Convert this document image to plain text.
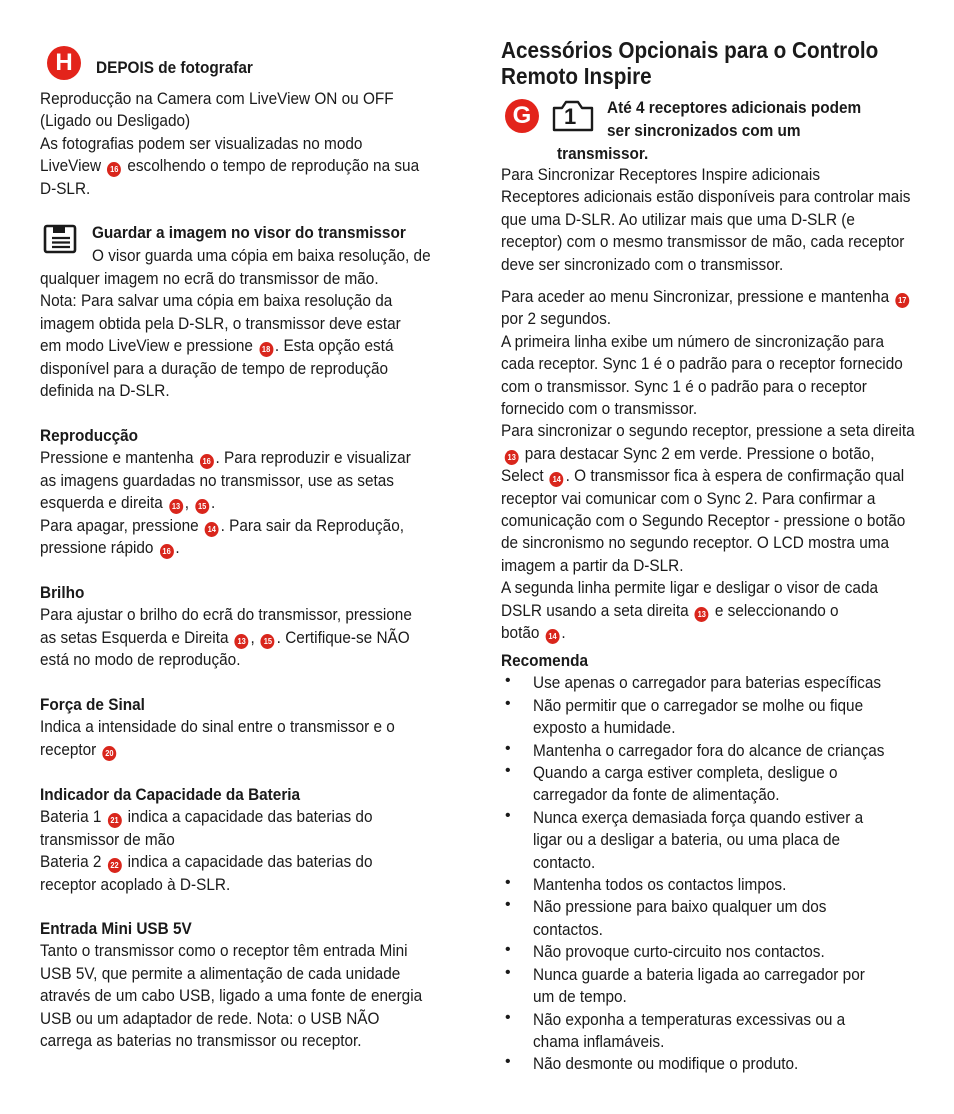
H	DEPOIS de fotografar
Reproducção na Camera com LiveView ON ou OFF
(Ligado ou Desligado)
As fotografias podem ser visualizadas no modo
LiveView 16 escolhendo o tempo de reprodução na sua
D-SLR.
Guardar a imagem no visor do transmissor
O visor guarda uma cópia em baixa resolução, de
qualquer imagem no ecrã do transmissor de mão.
Nota: Para salvar uma cópia em baixa resolução da
imagem obtida pela D-SLR, o transmissor deve estar
em modo LiveView e pressione 18 . Esta opção está
disponível para a duração de tempo de reprodução
definida na D-SLR.
Reproducção
Pressione e mantenha 16 . Para reproduzir e visualizar
as imagens guardadas no transmissor, use as setas
esquerda e direita 13 , 15 .
Para apagar, pressione 14 . Para sair da Reprodução,
pressione rápido 16 .
Brilho
Para ajustar o brilho do ecrã do transmissor, pressione
as setas Esquerda e Direita 13 , 15 . Certifique-se NÃO
está no modo de reprodução.
Força de Sinal
Indica a intensidade do sinal entre o transmissor e o
receptor 20
Indicador da Capacidade da Bateria
Bateria 1 21 indica a capacidade das baterias do
transmissor de mão
Bateria 2 22 indica a capacidade das baterias do
receptor acoplado à D-SLR.
Entrada Mini USB 5V
Tanto o transmissor como o receptor têm entrada Mini
USB 5V, que permite a alimentação de cada unidade
através de um cabo USB, ligado a uma fonte de energia
USB ou um adaptador de rede. Nota: o USB NÃO
carrega as baterias no transmissor ou receptor.
Acessórios Opcionais para o Controlo
Remoto Inspire
G	1 Até 4 receptores adicionais podem
ser sincronizados com um
transmissor.
Para Sincronizar Receptores Inspire adicionais
Receptores adicionais estão disponíveis para controlar mais
que uma D-SLR. Ao utilizar mais que uma D-SLR (e
receptor) com o mesmo transmissor de mão, cada receptor
deve ser sincronizado com o transmissor.
Para aceder ao menu Sincronizar, pressione e mantenha 17
por 2 segundos.
A primeira linha exibe um número de sincronização para
cada receptor. Sync 1 é o padrão para o receptor fornecido
com o transmissor. Sync 1 é o padrão para o receptor
fornecido com o transmissor.
Para sincronizar o segundo receptor, pressione a seta direita
13 para destacar Sync 2 em verde. Pressione o botão,
Select 14 . O transmissor fica à espera de confirmação qual
receptor vai comunicar com o Sync 2. Para confirmar a
comunicação com o Segundo Receptor - pressione o botão
de sincronismo no segundo receptor. O LCD mostra uma
imagem a partir da D-SLR.
A segunda linha permite ligar e desligar o visor de cada
DSLR usando a seta direita 13 e seleccionando o
botão 14 .
Recomenda
• Use apenas o carregador para baterias específicas
• Não permitir que o carregador se molhe ou fique
exposto a humidade.
• Mantenha o carregador fora do alcance de crianças
• Quando a carga estiver completa, desligue o
carregador da fonte de alimentação.
• Nunca exerça demasiada força quando estiver a
ligar ou a desligar a bateria, ou uma placa de
contacto.
• Mantenha todos os contactos limpos.
• Não pressione para baixo qualquer um dos
contactos.
• Não provoque curto-circuito nos contactos.
• Nunca guarde a bateria ligada ao carregador por
um de tempo.
• Não exponha a temperaturas excessivas ou a
chama inflamáveis.
• Não desmonte ou modifique o produto.
